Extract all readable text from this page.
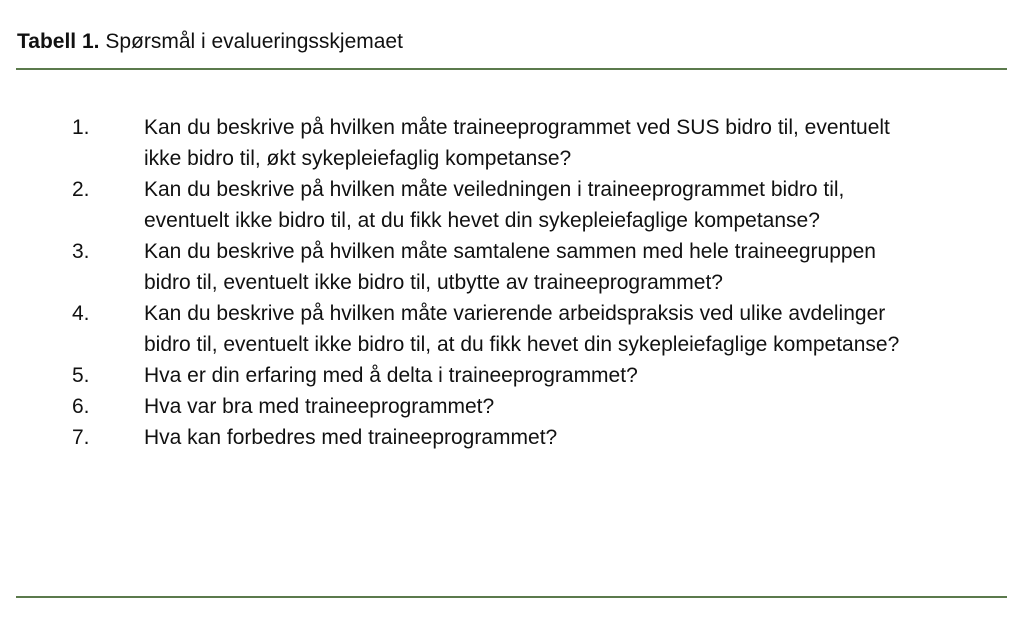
Tabell 1. Spørsmål i evalueringsskjemaet
1.	Kan du beskrive på hvilken måte traineeprogrammet ved SUS bidro til, eventuelt ikke bidro til, økt sykepleiefaglig kompetanse?
2.	Kan du beskrive på hvilken måte veiledningen i traineeprogrammet bidro til, eventuelt ikke bidro til, at du fikk hevet din sykepleiefaglige kompetanse?
3.	Kan du beskrive på hvilken måte samtalene sammen med hele traineegruppen bidro til, eventuelt ikke bidro til, utbytte av traineeprogrammet?
4.	Kan du beskrive på hvilken måte varierende arbeidspraksis ved ulike avdelinger bidro til, eventuelt ikke bidro til, at du fikk hevet din sykepleiefaglige kompetanse?
5.	Hva er din erfaring med å delta i traineeprogrammet?
6.	Hva var bra med traineeprogrammet?
7.	Hva kan forbedres med traineeprogrammet?
